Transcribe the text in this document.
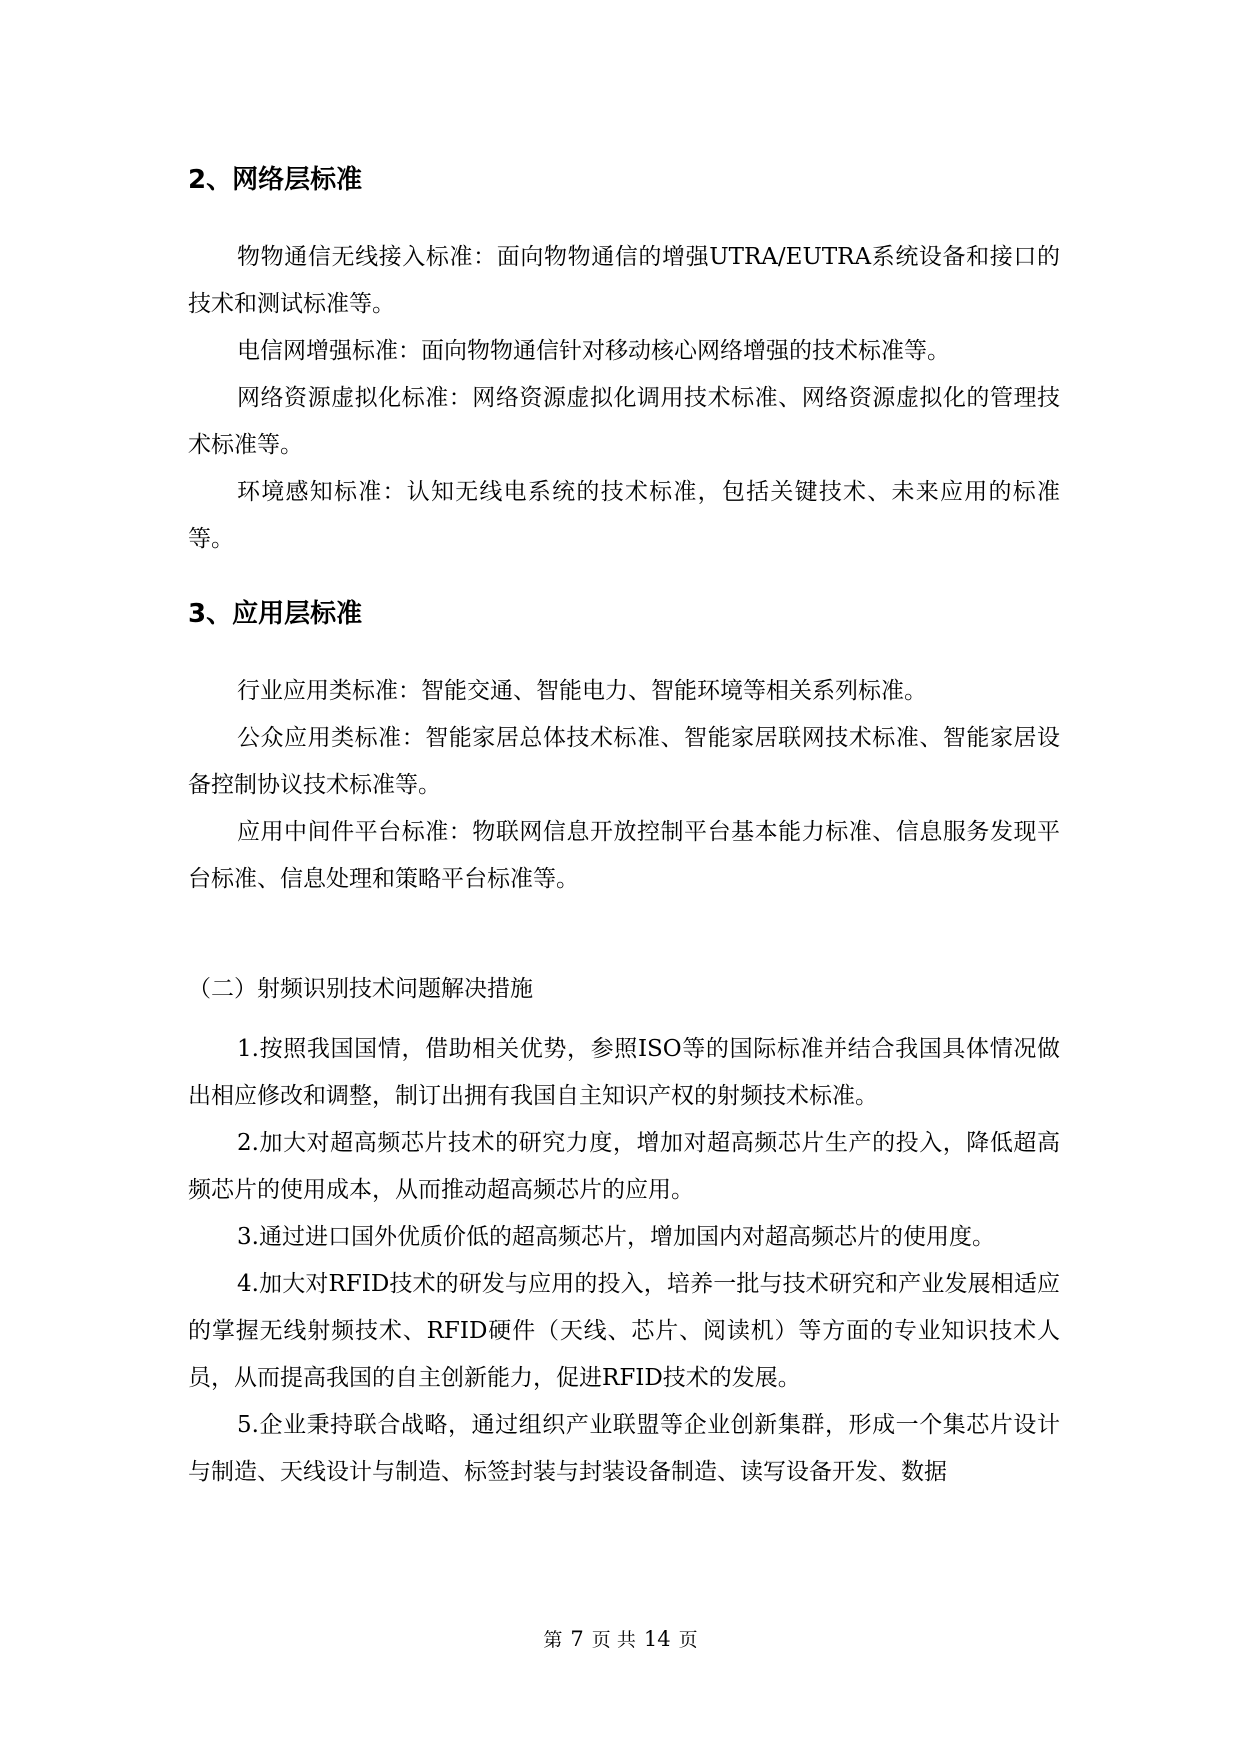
2、网络层标准

物物通信无线接入标准：面向物物通信的增强UTRA/EUTRA系统设备和接口的技术和测试标准等。

电信网增强标准：面向物物通信针对移动核心网络增强的技术标准等。

网络资源虚拟化标准：网络资源虚拟化调用技术标准、网络资源虚拟化的管理技术标准等。

环境感知标准：认知无线电系统的技术标准，包括关键技术、未来应用的标准等。

3、应用层标准

行业应用类标准：智能交通、智能电力、智能环境等相关系列标准。

公众应用类标准：智能家居总体技术标准、智能家居联网技术标准、智能家居设备控制协议技术标准等。

应用中间件平台标准：物联网信息开放控制平台基本能力标准、信息服务发现平台标准、信息处理和策略平台标准等。

（二）射频识别技术问题解决措施

1.按照我国国情，借助相关优势，参照ISO等的国际标准并结合我国具体情况做出相应修改和调整，制订出拥有我国自主知识产权的射频技术标准。

2.加大对超高频芯片技术的研究力度，增加对超高频芯片生产的投入，降低超高频芯片的使用成本，从而推动超高频芯片的应用。

3.通过进口国外优质价低的超高频芯片，增加国内对超高频芯片的使用度。

4.加大对RFID技术的研发与应用的投入，培养一批与技术研究和产业发展相适应的掌握无线射频技术、RFID硬件（天线、芯片、阅读机）等方面的专业知识技术人员，从而提高我国的自主创新能力，促进RFID技术的发展。

5.企业秉持联合战略，通过组织产业联盟等企业创新集群，形成一个集芯片设计与制造、天线设计与制造、标签封装与封装设备制造、读写设备开发、数据

第 7 页 共 14 页
